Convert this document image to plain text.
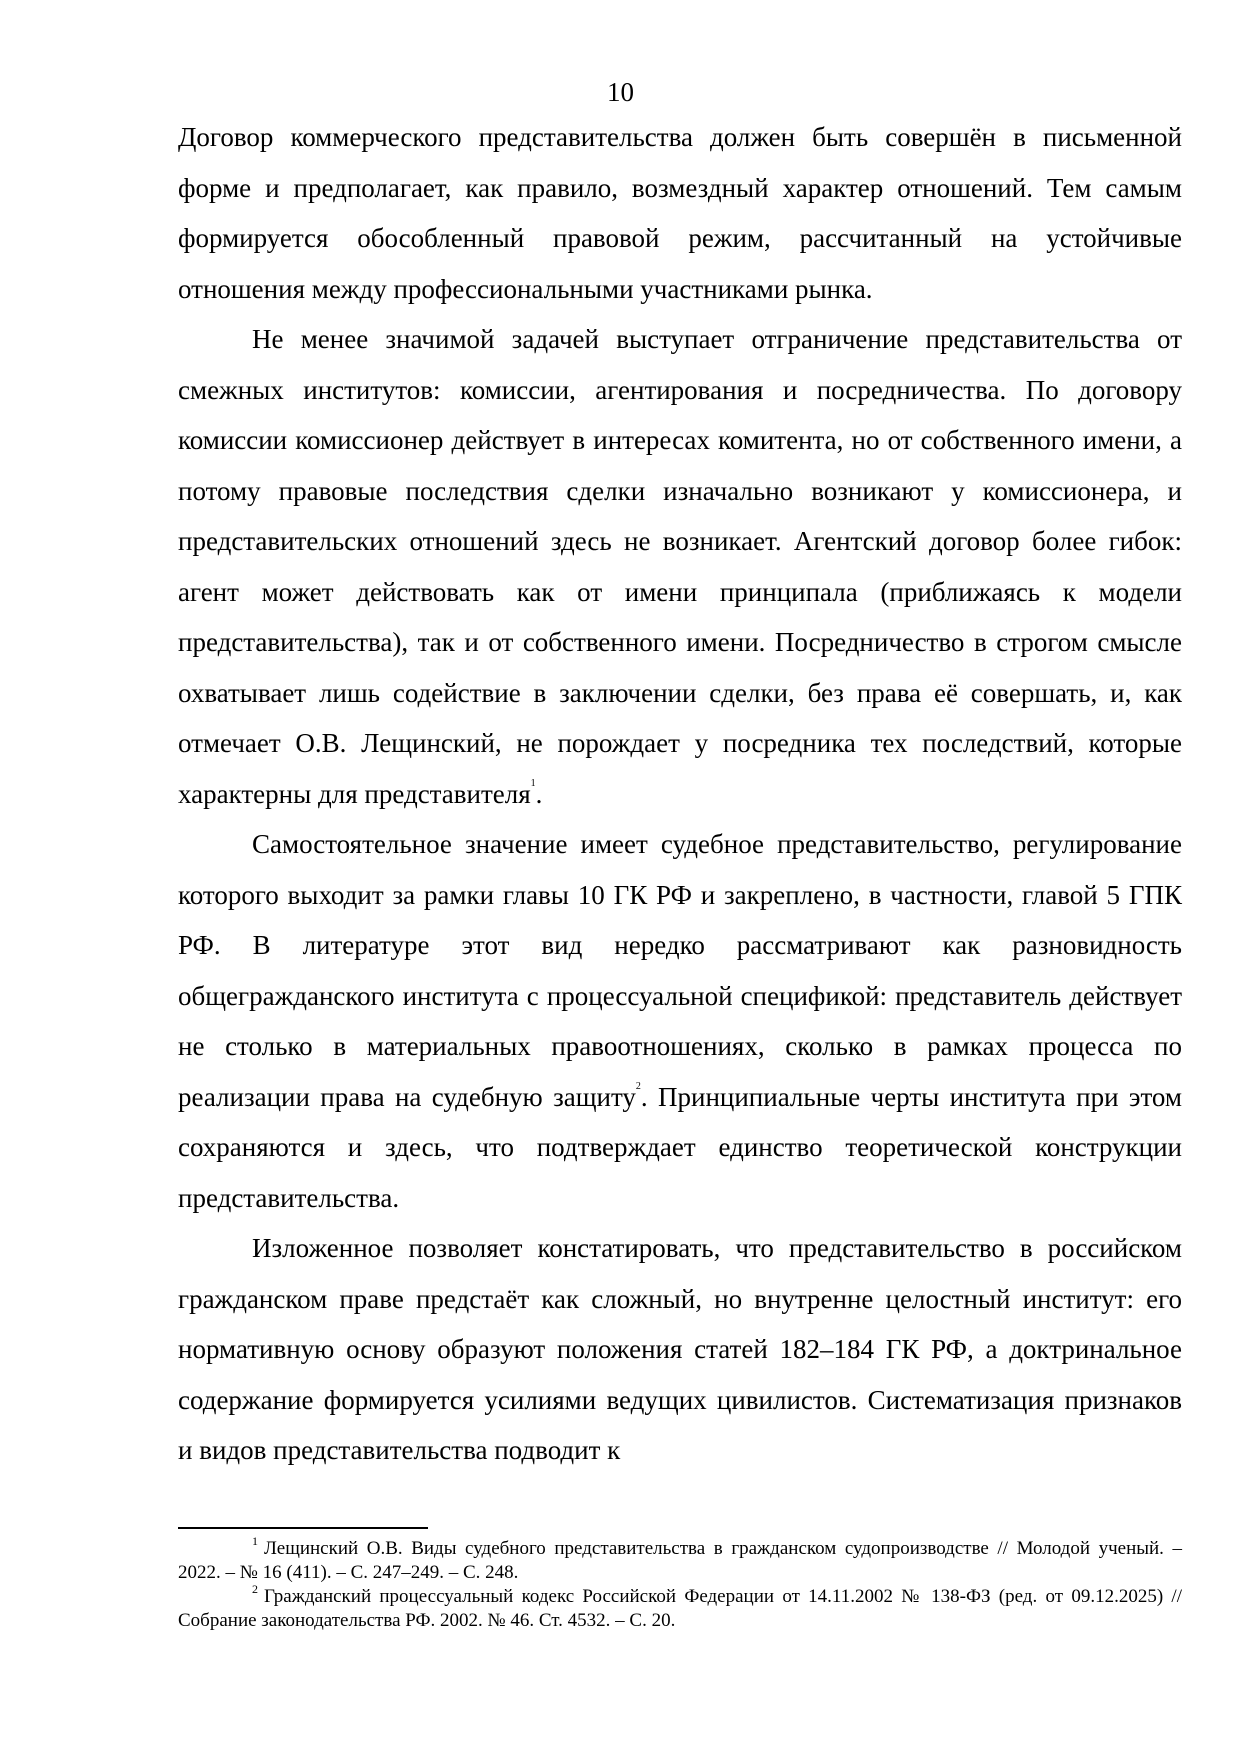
10

Договор коммерческого представительства должен быть совершён в письменной форме и предполагает, как правило, возмездный характер отношений. Тем самым формируется обособленный правовой режим, рассчитанный на устойчивые отношения между профессиональными участниками рынка.

Не менее значимой задачей выступает отграничение представительства от смежных институтов: комиссии, агентирования и посредничества. По договору комиссии комиссионер действует в интересах комитента, но от собственного имени, а потому правовые последствия сделки изначально возникают у комиссионера, и представительских отношений здесь не возникает. Агентский договор более гибок: агент может действовать как от имени принципала (приближаясь к модели представительства), так и от собственного имени. Посредничество в строгом смысле охватывает лишь содействие в заключении сделки, без права её совершать, и, как отмечает О.В. Лещинский, не порождает у посредника тех последствий, которые характерны для представителя$^1$.

Самостоятельное значение имеет судебное представительство, регулирование которого выходит за рамки главы 10 ГК РФ и закреплено, в частности, главой 5 ГПК РФ. В литературе этот вид нередко рассматривают как разновидность общегражданского института с процессуальной спецификой: представитель действует не столько в материальных правоотношениях, сколько в рамках процесса по реализации права на судебную защиту$^2$. Принципиальные черты института при этом сохраняются и здесь, что подтверждает единство теоретической конструкции представительства.

Изложенное позволяет констатировать, что представительство в российском гражданском праве предстаёт как сложный, но внутренне целостный институт: его нормативную основу образуют положения статей 182–184 ГК РФ, а доктринальное содержание формируется усилиями ведущих цивилистов. Систематизация признаков и видов представительства подводит к

$^1$ Лещинский О.В. Виды судебного представительства в гражданском судопроизводстве // Молодой ученый. – 2022. – № 16 (411). – С. 247–249. – С. 248.

$^2$ Гражданский процессуальный кодекс Российской Федерации от 14.11.2002 № 138-ФЗ (ред. от 09.12.2025) // Собрание законодательства РФ. 2002. № 46. Ст. 4532. – С. 20.
